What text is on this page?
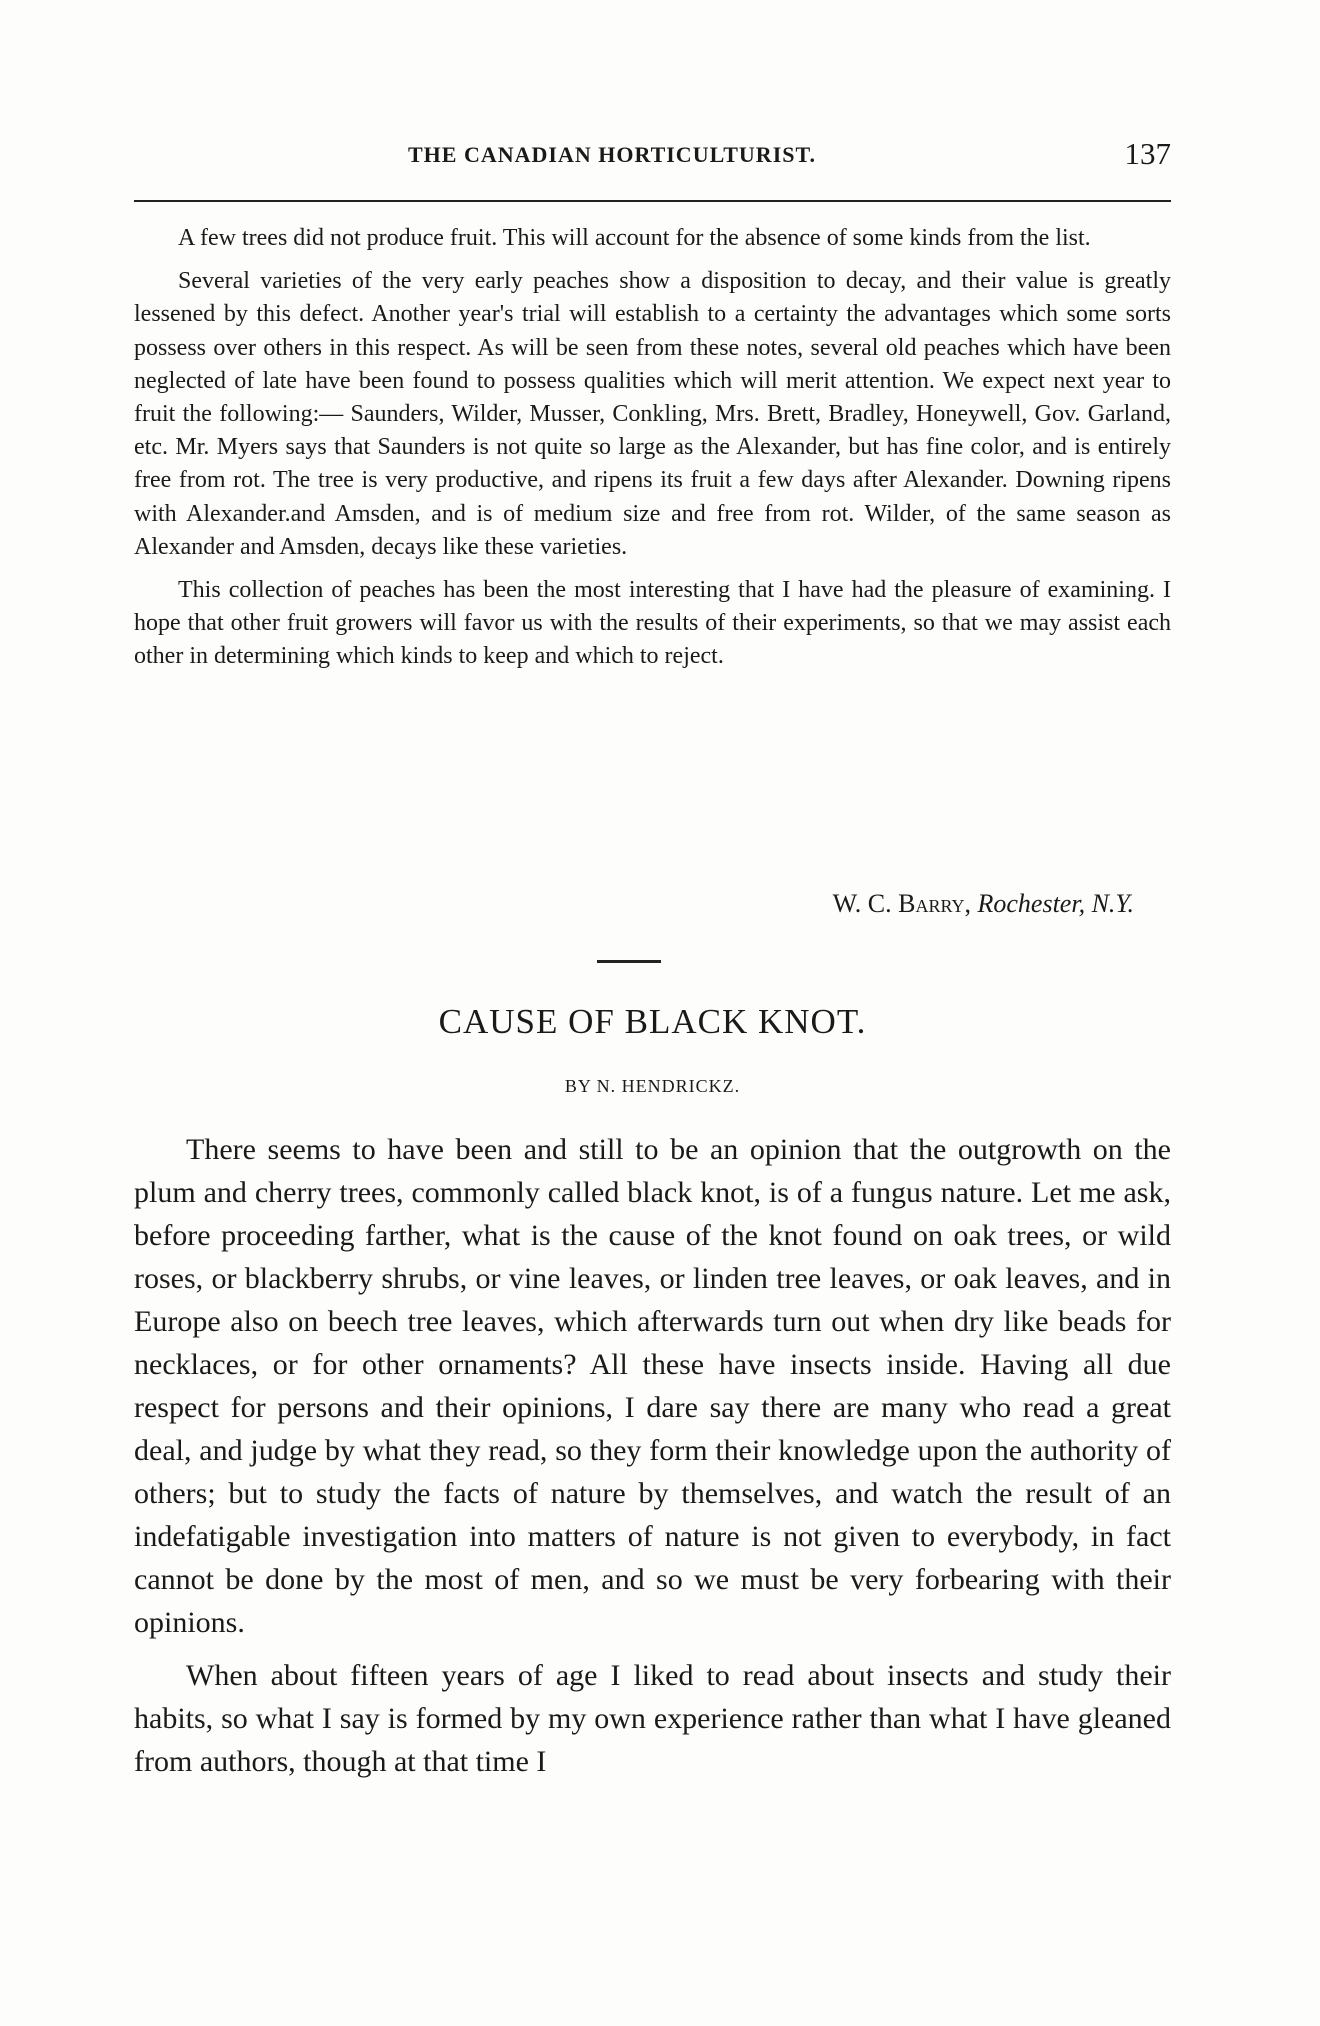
THE CANADIAN HORTICULTURIST.	137

A few trees did not produce fruit. This will account for the absence of some kinds from the list.

Several varieties of the very early peaches show a disposition to decay, and their value is greatly lessened by this defect. Another year's trial will establish to a certainty the advantages which some sorts possess over others in this respect. As will be seen from these notes, several old peaches which have been neglected of late have been found to possess qualities which will merit attention. We expect next year to fruit the following:— Saunders, Wilder, Musser, Conkling, Mrs. Brett, Bradley, Honeywell, Gov. Garland, etc. Mr. Myers says that Saunders is not quite so large as the Alexander, but has fine color, and is entirely free from rot. The tree is very productive, and ripens its fruit a few days after Alexander. Downing ripens with Alexander.and Amsden, and is of medium size and free from rot. Wilder, of the same season as Alexander and Amsden, decays like these varieties.

This collection of peaches has been the most interesting that I have had the pleasure of examining. I hope that other fruit growers will favor us with the results of their experiments, so that we may assist each other in determining which kinds to keep and which to reject.

W. C. Barry, Rochester, N.Y.
CAUSE OF BLACK KNOT.
BY N. HENDRICKZ.

There seems to have been and still to be an opinion that the outgrowth on the plum and cherry trees, commonly called black knot, is of a fungus nature. Let me ask, before proceeding farther, what is the cause of the knot found on oak trees, or wild roses, or blackberry shrubs, or vine leaves, or linden tree leaves, or oak leaves, and in Europe also on beech tree leaves, which afterwards turn out when dry like beads for necklaces, or for other ornaments? All these have insects inside. Having all due respect for persons and their opinions, I dare say there are many who read a great deal, and judge by what they read, so they form their knowledge upon the authority of others; but to study the facts of nature by themselves, and watch the result of an indefatigable investigation into matters of nature is not given to everybody, in fact cannot be done by the most of men, and so we must be very forbearing with their opinions.

When about fifteen years of age I liked to read about insects and study their habits, so what I say is formed by my own experience rather than what I have gleaned from authors, though at that time I
